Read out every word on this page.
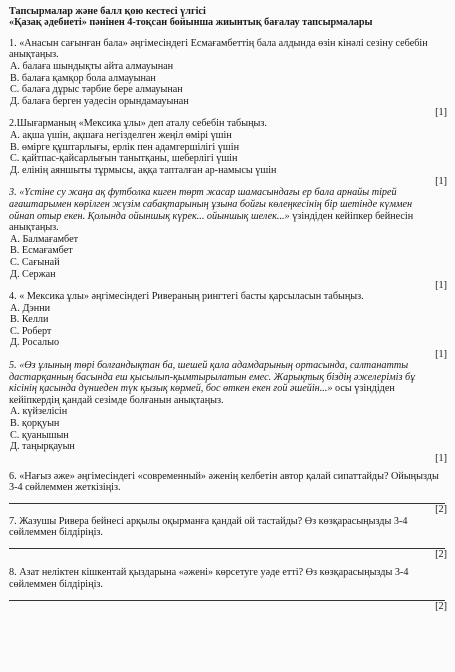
Тапсырмалар және балл қою кестесі үлгісі
«Қазақ әдебиеті» пәнінен 4-тоқсан бойынша жиынтық бағалау тапсырмалары
1. «Анасын сағынған бала» әңгімесіндегі Есмағамбеттің бала алдында өзін кінәлі сезіну себебін анықтаңыз.
А. балаға шындықты айта алмауынан
В. балаға қамқор бола алмауынан
С. балаға дұрыс тәрбие бере алмауынан
Д. балаға берген уәдесін орындамауынан
[1]
2.Шығарманың «Мексика ұлы» деп аталу себебін табыңыз.
А. ақша үшін, ақшаға негізделген жеңіл өмірі үшін
В. өмірге құштарлығы, ерлік пен адамгершілігі үшін
С. қайтпас-қайсарлығын танытқаны, шеберлігі үшін
Д. елінің аяншыты тұрмысы, аққа тапталған ар-намысы үшін
[1]
3. «Үстіне су жаңа ақ футболка киген төрт жасар шамасындағы ер бала арнайы тірей ағаштарымен көрілген жүзім сабақтарының ұзына бойғы көлеңкесінің бір шетінде күммен ойнап отыр екен. Қолында ойыншық күрек... ойыншық шелек...» үзіндіден кейіпкер бейнесін анықтаңыз.
А. Балмағамбет
В. Есмағамбет
С. Сағынай
Д. Сержан
[1]
4. « Мексика ұлы» әңгімесіндегі Ривераның рингтегі басты қарсыласын табыңыз.
А. Дэнни
В. Келли
С. Роберт
Д. Росалыо
[1]
5. «Өз ұлының төрі болғандықтан ба, шешей қала адамдарының ортасында, салтанатты дастарқанның басында еш қысылып-қымтырылатын емес. Жарықтық біздің әжелеріміз бұ кісінің қасында дүниеден түк қызық көрмей, бос өткен екен ғой әшейін...» осы үзіндіден кейіпкердің қандай сезімде болғанын анықтаңыз.
А. күйзелісін
В. қорқуын
С. қуанышын
Д. таңырқауын
[1]
6. «Нағыз әже» әңгімесіндегі «современный» әженің келбетін автор қалай сипаттайды? Ойыңызды 3-4 сөйлеммен жеткізіңіз.
[2]
7. Жазушы Ривера бейнесі арқылы оқырманға қандай ой тастайды? Өз көзқарасыңызды 3-4 сөйлеммен білдіріңіз.
[2]
8. Азат неліктен кішкентай қыздарына «әжені» көрсетуге уәде етті? Өз көзқарасыңызды 3-4 сөйлеммен білдіріңіз.
[2]
